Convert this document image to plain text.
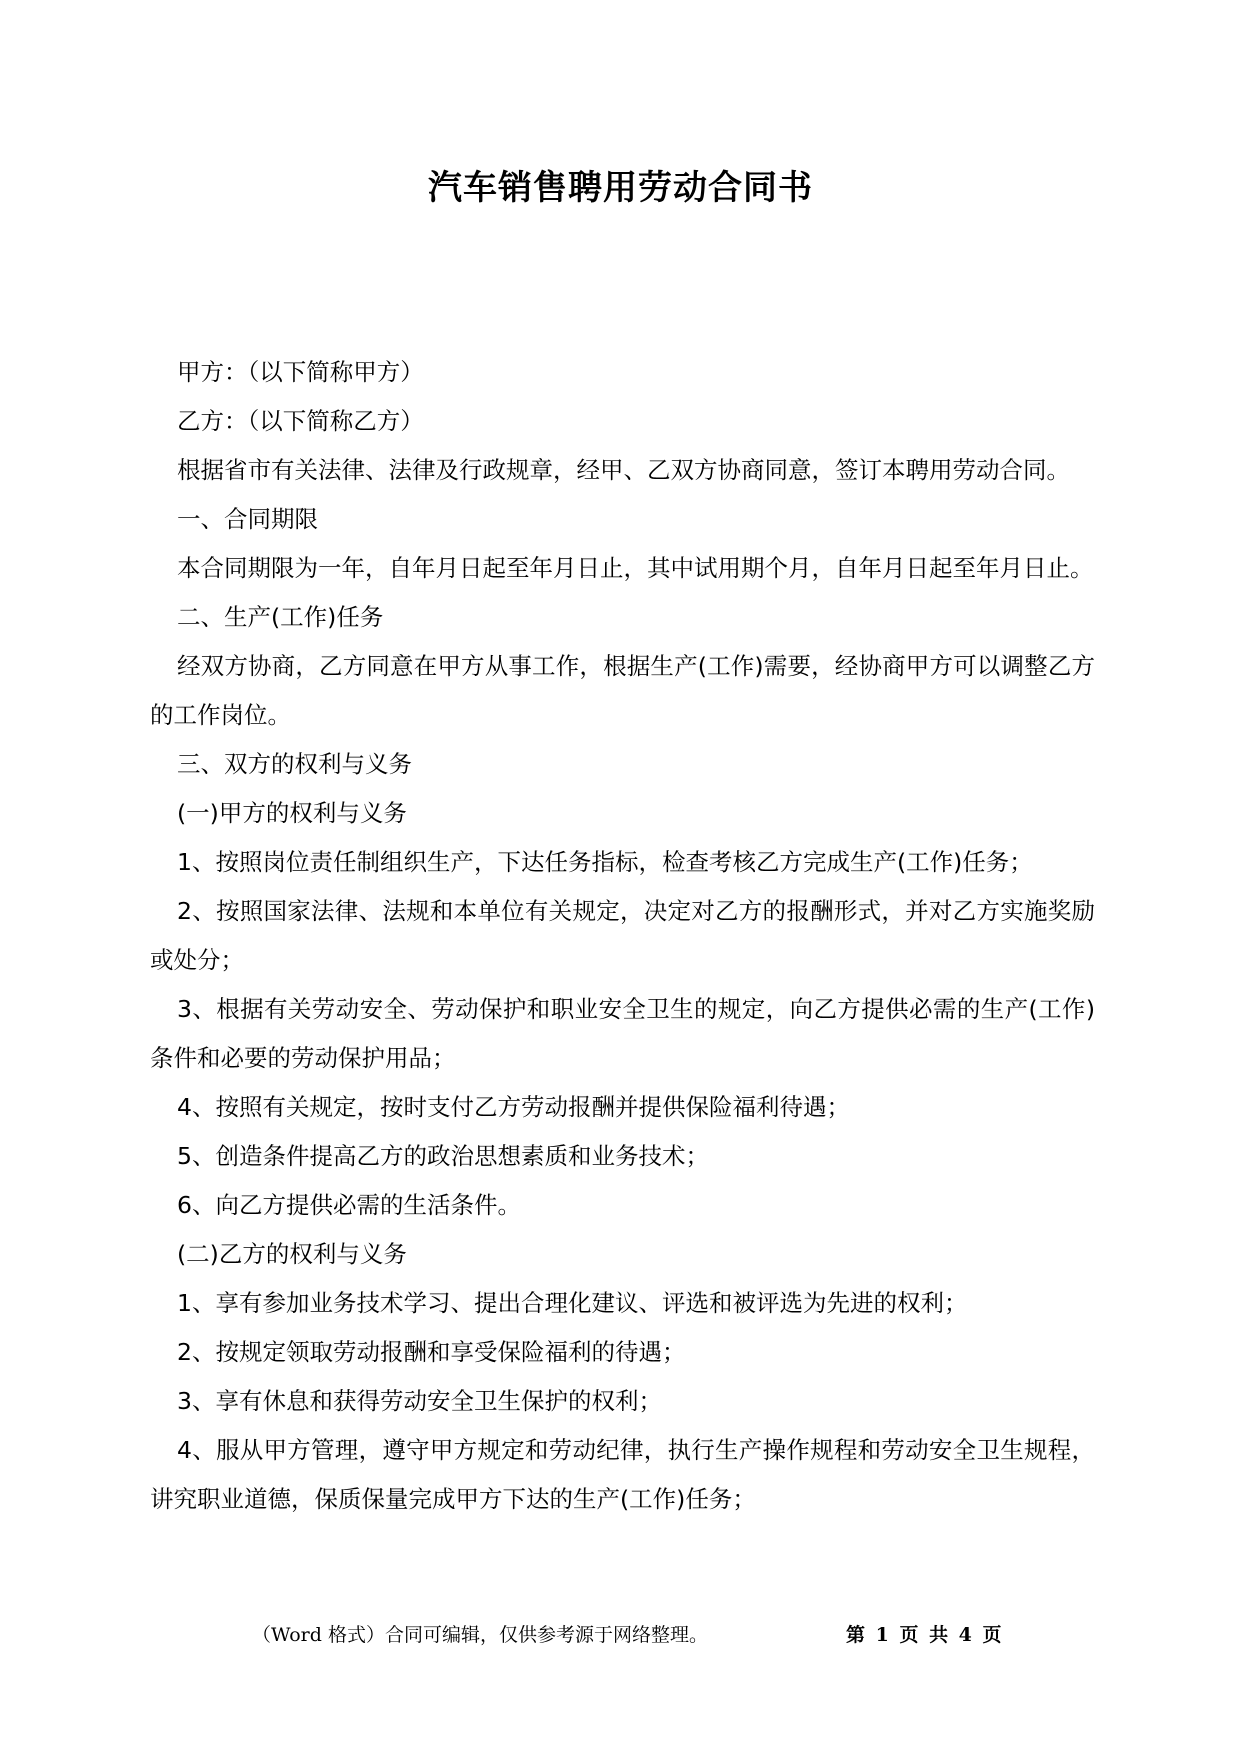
汽车销售聘用劳动合同书

甲方：（以下简称甲方）

乙方：（以下简称乙方）

根据省市有关法律、法律及行政规章，经甲、乙双方协商同意，签订本聘用劳动合同。

一、合同期限

本合同期限为一年，自年月日起至年月日止，其中试用期个月，自年月日起至年月日止。

二、生产(工作)任务

经双方协商，乙方同意在甲方从事工作，根据生产(工作)需要，经协商甲方可以调整乙方的工作岗位。

三、双方的权利与义务

(一)甲方的权利与义务

1、按照岗位责任制组织生产，下达任务指标，检查考核乙方完成生产(工作)任务；

2、按照国家法律、法规和本单位有关规定，决定对乙方的报酬形式，并对乙方实施奖励或处分；

3、根据有关劳动安全、劳动保护和职业安全卫生的规定，向乙方提供必需的生产(工作)条件和必要的劳动保护用品；

4、按照有关规定，按时支付乙方劳动报酬并提供保险福利待遇；

5、创造条件提高乙方的政治思想素质和业务技术；

6、向乙方提供必需的生活条件。

(二)乙方的权利与义务

1、享有参加业务技术学习、提出合理化建议、评选和被评选为先进的权利；

2、按规定领取劳动报酬和享受保险福利的待遇；

3、享有休息和获得劳动安全卫生保护的权利；

4、服从甲方管理，遵守甲方规定和劳动纪律，执行生产操作规程和劳动安全卫生规程，讲究职业道德，保质保量完成甲方下达的生产(工作)任务；

（Word 格式）合同可编辑，仅供参考源于网络整理。	第 1 页 共 4 页
